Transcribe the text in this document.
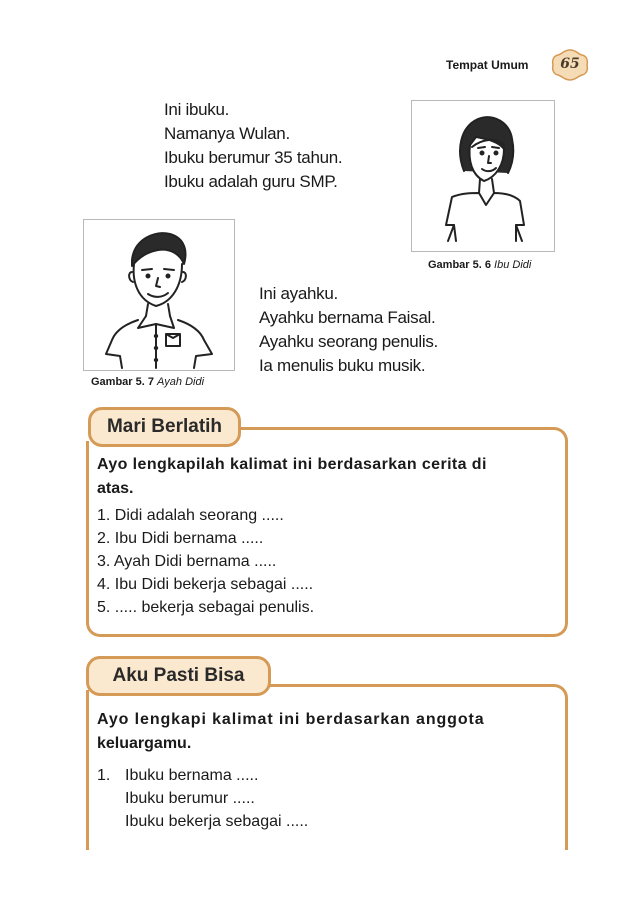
Tempat Umum	65
Ini ibuku.
Namanya Wulan.
Ibuku berumur 35 tahun.
Ibuku adalah guru SMP.
Gambar 5. 6 Ibu Didi
Gambar 5. 7 Ayah Didi
Ini ayahku.
Ayahku bernama Faisal.
Ayahku seorang penulis.
Ia menulis buku musik.
Mari Berlatih
Ayo lengkapilah kalimat ini berdasarkan cerita di
atas.
1. Didi adalah seorang .....
2. Ibu Didi bernama .....
3. Ayah Didi bernama .....
4. Ibu Didi bekerja sebagai .....
5. ..... bekerja sebagai penulis.
Aku Pasti Bisa
Ayo lengkapi kalimat ini berdasarkan anggota
keluargamu.
1. Ibuku bernama .....
Ibuku berumur .....
Ibuku bekerja sebagai .....
